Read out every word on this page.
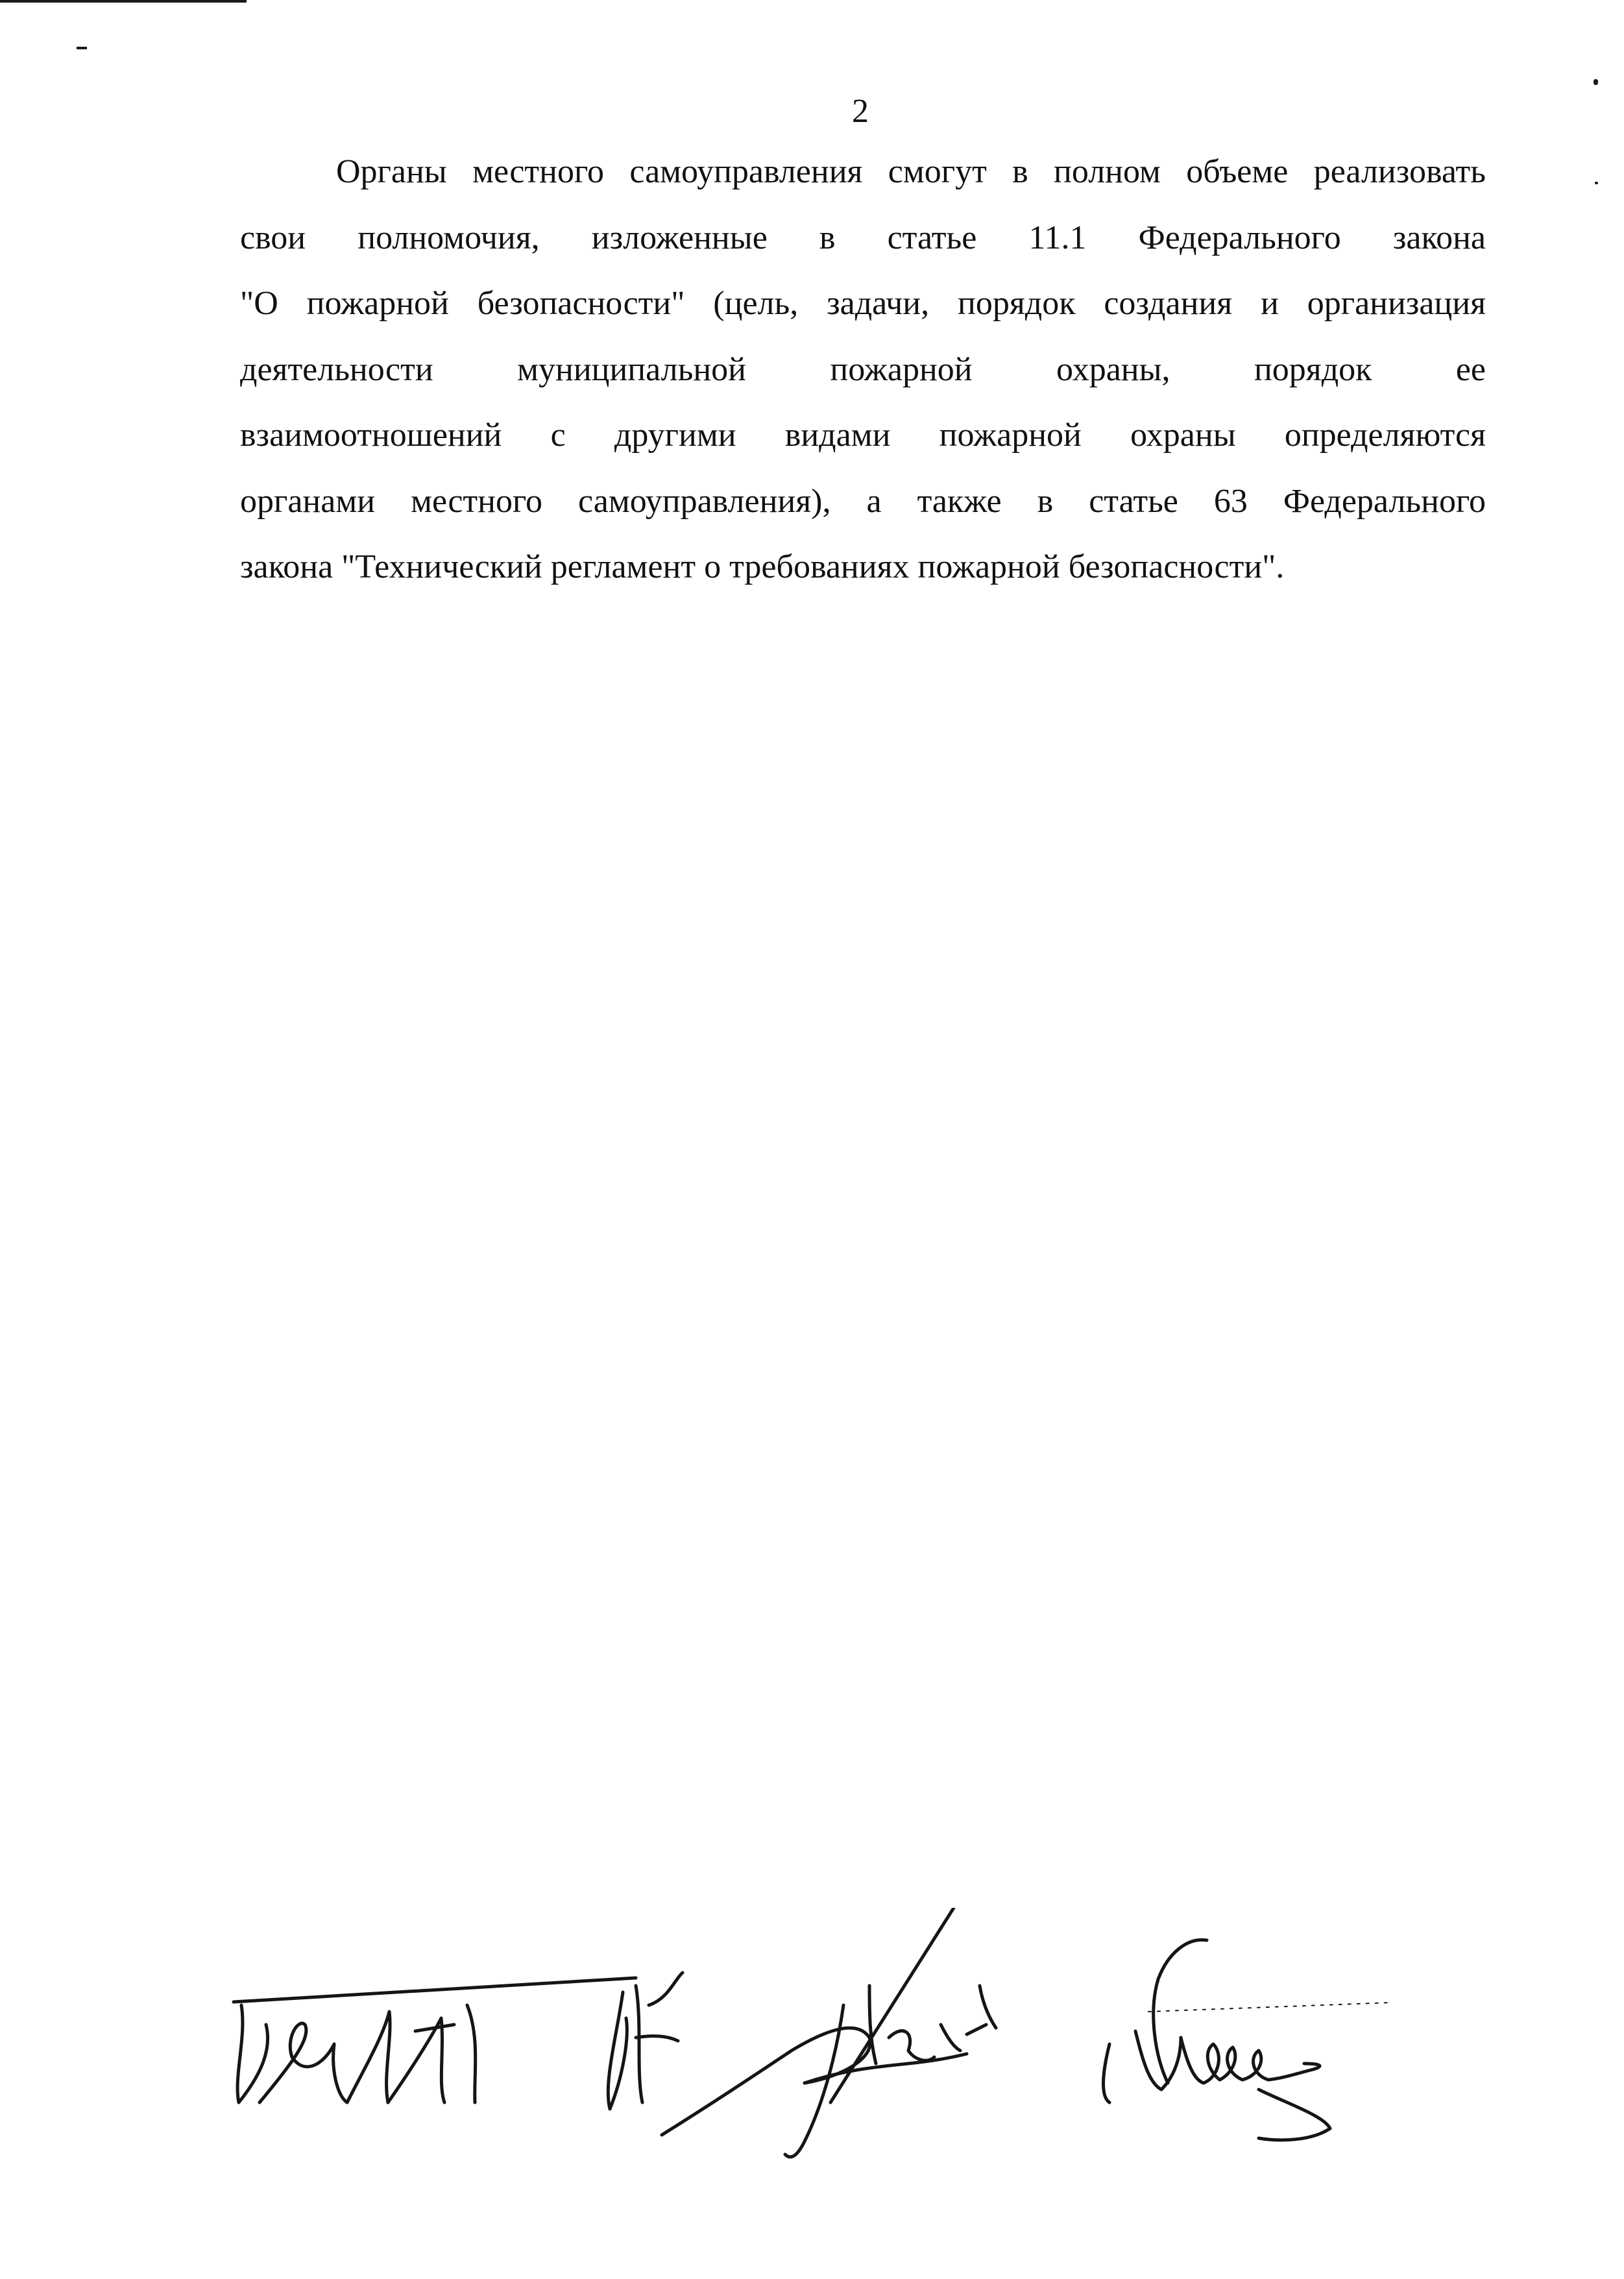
2
Органы местного самоуправления смогут в полном объеме реализовать
свои полномочия, изложенные в статье 11.1 Федерального закона
"О пожарной безопасности" (цель, задачи, порядок создания и организация
деятельности муниципальной пожарной охраны, порядок ее
взаимоотношений с другими видами пожарной охраны определяются
органами местного самоуправления), а также в статье 63 Федерального
закона "Технический регламент о требованиях пожарной безопасности".
